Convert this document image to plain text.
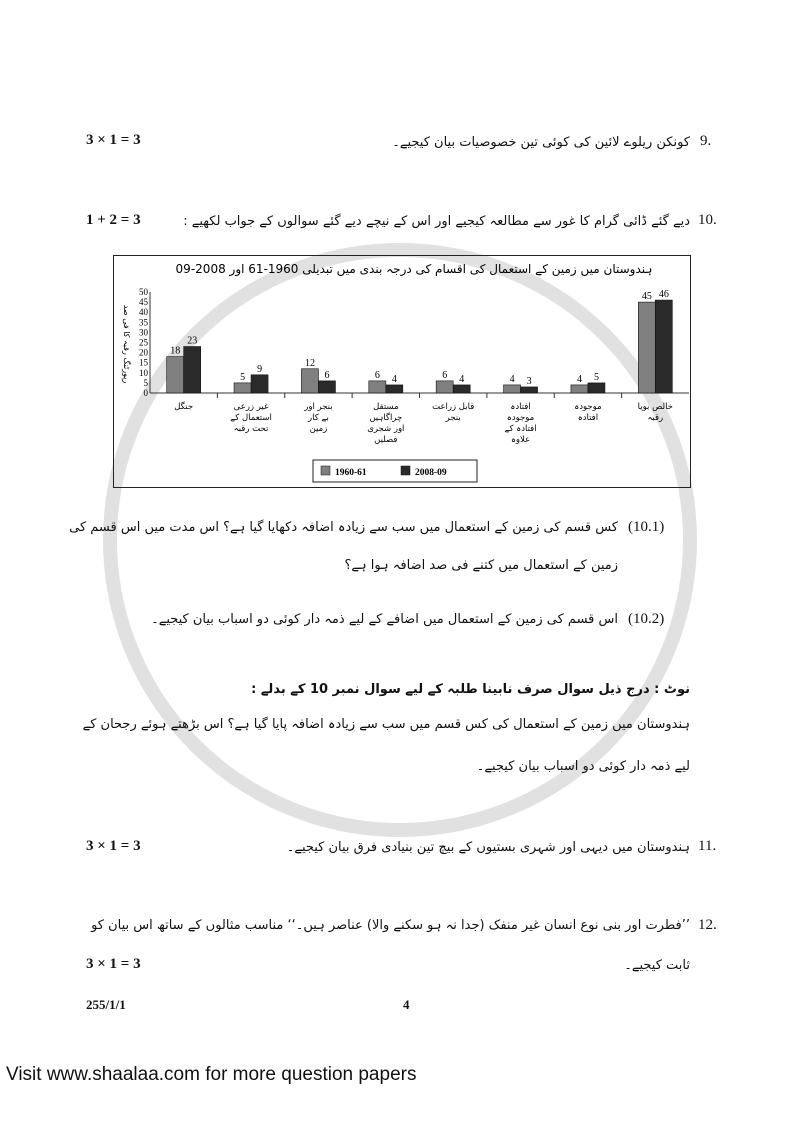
3 × 1 = 3	کونکن ریلوے لائین کی کوئی تین خصوصیات بیان کیجیے۔ 9.
1 + 2 = 3	دیے گئے ڈائی گرام کا غور سے مطالعہ کیجیے اور اس کے نیچے دیے گئے سوالوں کے جواب لکھیے : 10.
ہندوستان میں زمین کے استعمال کی اقسام کی درجہ بندی میں تبدیلی 1960-61 اور 2008-09
0
5
10
15
20
25
30
35
40
45
50
رپورٹنگ رقبہ کا فی صد	18
23
جنگل
5
9
غیر زرعی
استعمال کے
تحت رقبہ
12
6
بنجر اور
بے کار
زمین
6 4
مستقل
چراگاہیں
اور شجری
فصلیں
6 4
قابل زراعت
بنجر
4 3
افتادہ
موجودہ
افتادہ کے
علاوہ
4 5
موجودہ
افتادہ
45 46
خالص بویا
رقبہ
1960-61	2008-09
کس قسم کی زمین کے استعمال میں سب سے زیادہ اضافہ دکھایا گیا ہے؟ اس مدت میں اس قسم کی
زمین کے استعمال میں کتنے فی صد اضافہ ہوا ہے؟
(10.1)
اس قسم کی زمین کے استعمال میں اضافے کے لیے ذمہ دار کوئی دو اسباب بیان کیجیے۔ (10.2)
نوٹ : درج ذیل سوال صرف نابینا طلبہ کے لیے سوال نمبر 10 کے بدلے :
ہندوستان میں زمین کے استعمال کی کس قسم میں سب سے زیادہ اضافہ پایا گیا ہے؟ اس بڑھتے ہوئے رجحان کے
لیے ذمہ دار کوئی دو اسباب بیان کیجیے۔
3 × 1 = 3	ہندوستان میں دیہی اور شہری بستیوں کے بیچ تین بنیادی فرق بیان کیجیے۔ 11.
’’فطرت اور بنی نوع انسان غیر منفک (جدا نہ ہو سکنے والا) عناصر ہیں۔‘‘ مناسب مثالوں کے ساتھ اس بیان کو
ثابت کیجیے۔
12.
3 × 1 = 3
255/1/1	4
Visit www.shaalaa.com for more question papers
